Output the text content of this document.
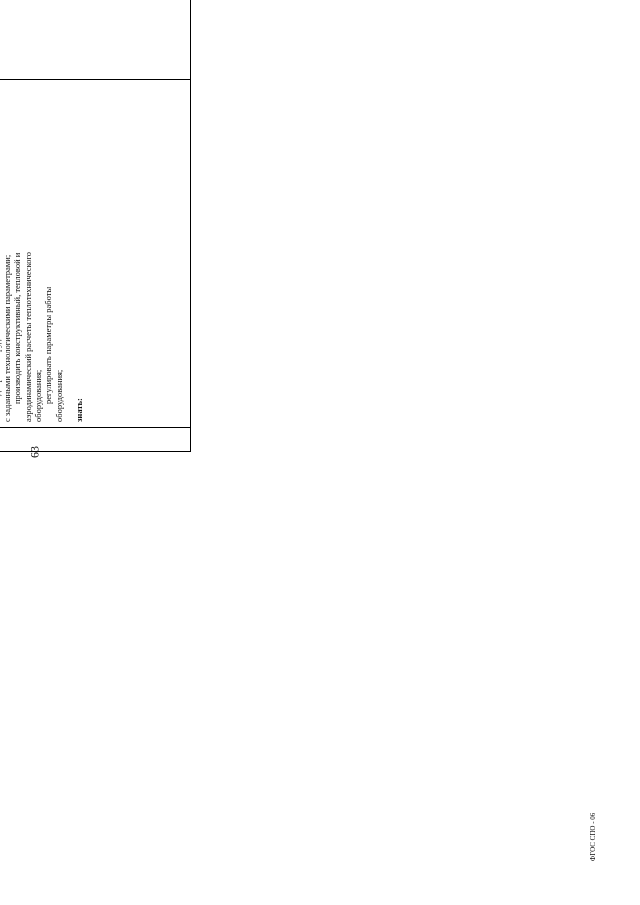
63
ФГОС СПО - 06
с заданными технологическими параметрами; производить конструктивный, тепловой и аэродинамический расчеты теплотехнического оборудования; регулировать параметры работы оборудования;
знать:
